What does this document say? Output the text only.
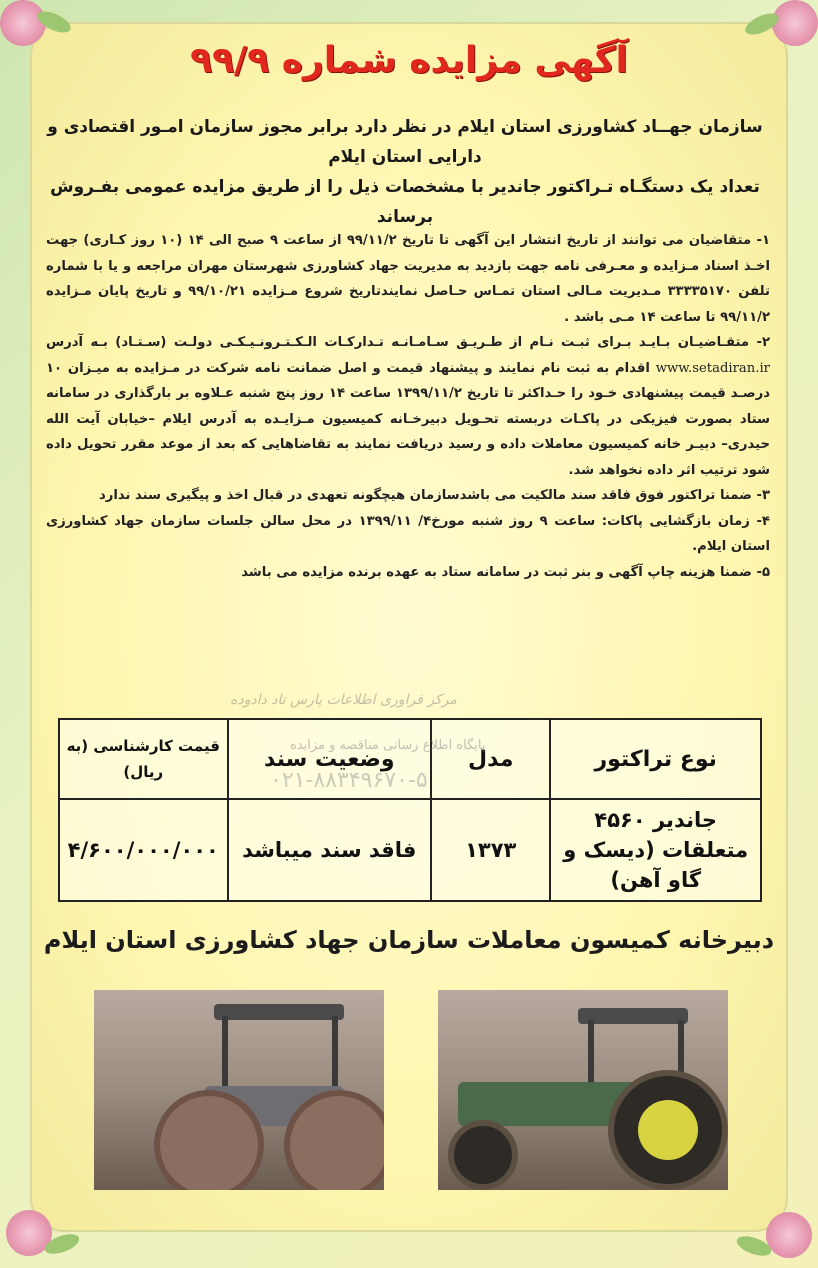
آگهی مزایده شماره ۹۹/۹
سازمان جهــاد کشاورزی استان ایلام در نظر دارد برابر مجوز سازمان امـور اقتصادی و دارایی استان ایلام
تعداد یک دستگـاه تـراکتور جاندیر با مشخصات ذیل را از طریق مزایده عمومی بفـروش برساند

۱- متقاضیان می توانند از تاریخ انتشار این آگهی تا تاریخ ۹۹/۱۱/۲ از ساعت ۹ صبح الی ۱۴ (۱۰ روز کـاری) جهت اخـذ اسناد مـزایده و معـرفی نامه جهت بازدید به مدیریت جهاد کشاورزی شهرستان مهران مراجعه و یا با شماره تلفن ۳۳۳۳۵۱۷۰ مـدیریت مـالی استان تمـاس حـاصل نمایندتاریخ شروع مـزایده ۹۹/۱۰/۲۱ و تاریخ پایان مـزایده ۹۹/۱۱/۲ تا ساعت ۱۴ مـی باشد .

۲- متقـاضیـان بـایـد بـرای ثبـت نـام از طـریـق سـامـانـه تـدارکـات الـکـتـرونـیـکـی دولـت (سـتـاد) بـه آدرس www.setadiran.ir اقدام به ثبت نام نمایند و پیشنهاد قیمت و اصل ضمانت نامه شرکت در مـزایده به میـزان ۱۰ درصـد قیمت پیشنهادی خـود را حـداکثر تا تاریخ ۱۳۹۹/۱۱/۲ ساعت ۱۴ روز پنج شنبه عـلاوه بر بارگذاری در سامانه ستاد بصورت فیزیکی در پاکـات دربسته تحـویل دبیرخـانه کمیسیون مـزایـده به آدرس ایلام –خیابان آیت الله حیدری– دبیـر خانه کمیسیون معاملات داده و رسید دریافت نمایند به تقاضاهایی که بعد از موعد مقرر تحویل داده شود ترتیب اثر داده نخواهد شد.

۳- ضمنا تراکتور فوق فاقد سند مالکیت می باشدسازمان هیچگونه تعهدی در قبال اخذ و پیگیری سند ندارد

۴- زمان بازگشایی پاکات: ساعت ۹ روز شنبه مورخ۴/ ۱۳۹۹/۱۱ در محل سالن جلسات سازمان جهاد کشاورزی استان ایلام.

۵- ضمنا هزینه چاپ آگهی و بنر ثبت در سامانه ستاد به عهده برنده مزایده می باشد

مرکز فراوری اطلاعات پارس تاد دادوده
نوع تراکتور	مدل	وضعیت سند	قیمت کارشناسی (به ریال)

جاندیر ۴۵۶۰
متعلقات (دیسک و گاو آهن)	۱۳۷۳	فاقد سند میباشد	۴/۶۰۰/۰۰۰/۰۰۰
پایگاه اطلاع رسانی مناقصه و مزایده
۰۲۱-۸۸۳۴۹۶۷۰-۵
دبیرخانه کمیسون معاملات سازمان جهاد کشاورزی استان ایلام
